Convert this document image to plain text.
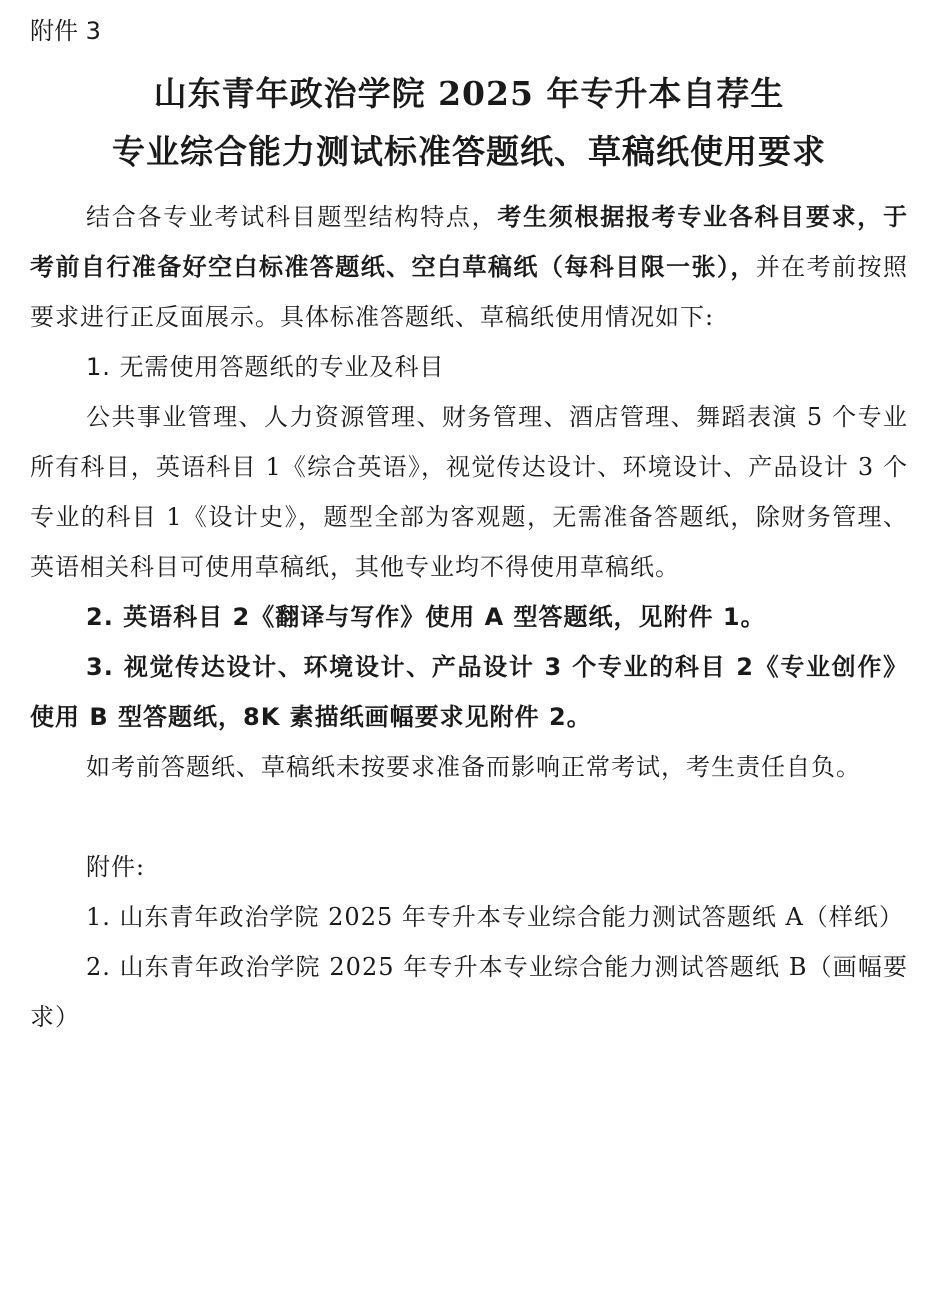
附件 3
山东青年政治学院 2025 年专升本自荐生
专业综合能力测试标准答题纸、草稿纸使用要求

结合各专业考试科目题型结构特点，考生须根据报考专业各科目要求，于考前自行准备好空白标准答题纸、空白草稿纸（每科目限一张），并在考前按照要求进行正反面展示。具体标准答题纸、草稿纸使用情况如下:

1. 无需使用答题纸的专业及科目

公共事业管理、人力资源管理、财务管理、酒店管理、舞蹈表演 5 个专业所有科目，英语科目 1《综合英语》，视觉传达设计、环境设计、产品设计 3 个专业的科目 1《设计史》，题型全部为客观题，无需准备答题纸，除财务管理、英语相关科目可使用草稿纸，其他专业均不得使用草稿纸。

2. 英语科目 2《翻译与写作》使用 A 型答题纸，见附件 1。

3. 视觉传达设计、环境设计、产品设计 3 个专业的科目 2《专业创作》使用 B 型答题纸，8K 素描纸画幅要求见附件 2。

如考前答题纸、草稿纸未按要求准备而影响正常考试，考生责任自负。

附件:

1. 山东青年政治学院 2025 年专升本专业综合能力测试答题纸 A（样纸）

2. 山东青年政治学院 2025 年专升本专业综合能力测试答题纸 B（画幅要求）
